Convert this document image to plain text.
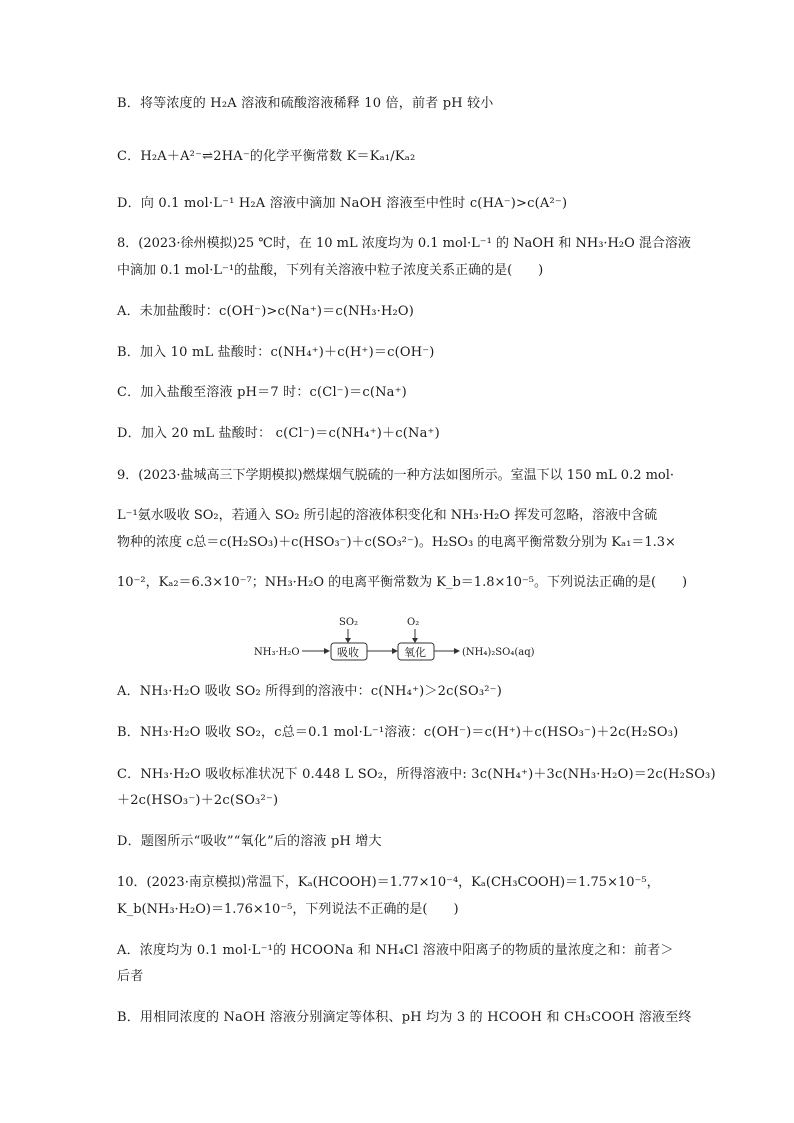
B．将等浓度的 H₂A 溶液和硫酸溶液稀释 10 倍，前者 pH 较小
C．H₂A＋A²⁻⇌2HA⁻的化学平衡常数 K＝Kₐ₁/Kₐ₂
D．向 0.1 mol·L⁻¹ H₂A 溶液中滴加 NaOH 溶液至中性时 c(HA⁻)>c(A²⁻)
8．(2023·徐州模拟)25 ℃时，在 10 mL 浓度均为 0.1 mol·L⁻¹ 的 NaOH 和 NH₃·H₂O 混合溶液
中滴加 0.1 mol·L⁻¹的盐酸，下列有关溶液中粒子浓度关系正确的是(　　)
A．未加盐酸时：c(OH⁻)>c(Na⁺)＝c(NH₃·H₂O)
B．加入 10 mL 盐酸时：c(NH₄⁺)＋c(H⁺)＝c(OH⁻)
C．加入盐酸至溶液 pH＝7 时：c(Cl⁻)＝c(Na⁺)
D．加入 20 mL 盐酸时： c(Cl⁻)＝c(NH₄⁺)＋c(Na⁺)
9．(2023·盐城高三下学期模拟)燃煤烟气脱硫的一种方法如图所示。室温下以 150 mL 0.2 mol·
L⁻¹氨水吸收 SO₂，若通入 SO₂ 所引起的溶液体积变化和 NH₃·H₂O 挥发可忽略，溶液中含硫
物种的浓度 c总＝c(H₂SO₃)＋c(HSO₃⁻)＋c(SO₃²⁻)。H₂SO₃ 的电离平衡常数分别为 Kₐ₁＝1.3×
10⁻²，Kₐ₂＝6.3×10⁻⁷；NH₃·H₂O 的电离平衡常数为 K_b＝1.8×10⁻⁵。下列说法正确的是(　　)
NH₃·H₂O
SO₂
吸收
O₂
氧化	(NH₄)₂SO₄(aq)
A．NH₃·H₂O 吸收 SO₂ 所得到的溶液中：c(NH₄⁺)＞2c(SO₃²⁻)
B．NH₃·H₂O 吸收 SO₂，c总＝0.1 mol·L⁻¹溶液：c(OH⁻)＝c(H⁺)＋c(HSO₃⁻)＋2c(H₂SO₃)
C．NH₃·H₂O 吸收标准状况下 0.448 L SO₂，所得溶液中: 3c(NH₄⁺)＋3c(NH₃·H₂O)＝2c(H₂SO₃)
＋2c(HSO₃⁻)＋2c(SO₃²⁻)
D．题图所示“吸收”“氧化”后的溶液 pH 增大
10．(2023·南京模拟)常温下，Kₐ(HCOOH)＝1.77×10⁻⁴，Kₐ(CH₃COOH)＝1.75×10⁻⁵，
K_b(NH₃·H₂O)＝1.76×10⁻⁵，下列说法不正确的是(　　)
A．浓度均为 0.1 mol·L⁻¹的 HCOONa 和 NH₄Cl 溶液中阳离子的物质的量浓度之和：前者＞
后者
B．用相同浓度的 NaOH 溶液分别滴定等体积、pH 均为 3 的 HCOOH 和 CH₃COOH 溶液至终
